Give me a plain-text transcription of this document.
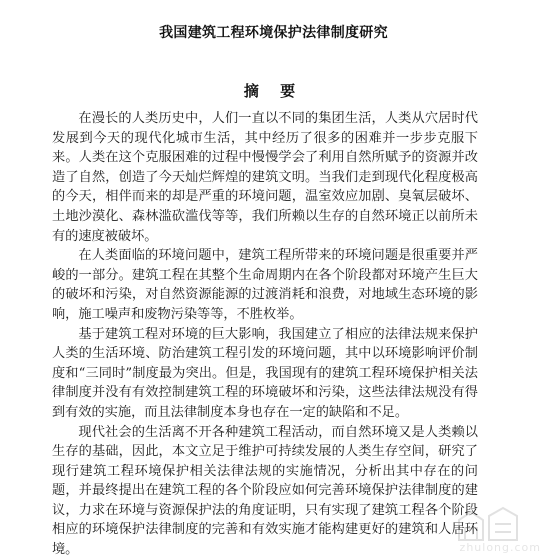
我国建筑工程环境保护法律制度研究
摘 要

在漫长的人类历史中，人们一直以不同的集团生活，人类从穴居时代发展到今天的现代化城市生活，其中经历了很多的困难并一步步克服下来。人类在这个克服困难的过程中慢慢学会了利用自然所赋予的资源并改造了自然，创造了今天灿烂辉煌的建筑文明。当我们走到现代化程度极高的今天，相伴而来的却是严重的环境问题，温室效应加剧、臭氧层破坏、土地沙漠化、森林滥砍滥伐等等，我们所赖以生存的自然环境正以前所未有的速度被破坏。

在人类面临的环境问题中，建筑工程所带来的环境问题是很重要并严峻的一部分。建筑工程在其整个生命周期内在各个阶段都对环境产生巨大的破坏和污染，对自然资源能源的过渡消耗和浪费，对地域生态环境的影响，施工噪声和废物污染等等，不胜枚举。

基于建筑工程对环境的巨大影响，我国建立了相应的法律法规来保护人类的生活环境、防治建筑工程引发的环境问题，其中以环境影响评价制度和“三同时”制度最为突出。但是，我国现有的建筑工程环境保护相关法律制度并没有有效控制建筑工程的环境破坏和污染，这些法律法规没有得到有效的实施，而且法律制度本身也存在一定的缺陷和不足。

现代社会的生活离不开各种建筑工程活动，而自然环境又是人类赖以生存的基础，因此，本文立足于维护可持续发展的人类生存空间，研究了现行建筑工程环境保护相关法律法规的实施情况，分析出其中存在的问题，并最终提出在建筑工程的各个阶段应如何完善环境保护法律制度的建议，力求在环境与资源保护法的角度证明，只有实现了建筑工程各个阶段相应的环境保护法律制度的完善和有效实施才能构建更好的建筑和人居环境。	zhulong.com
